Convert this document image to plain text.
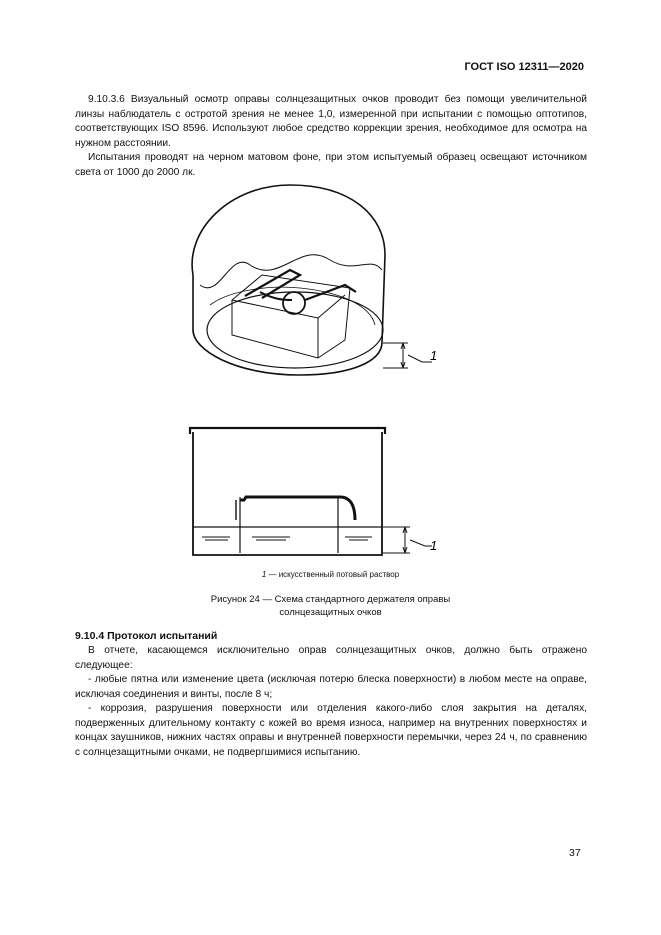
ГОСТ ISO 12311—2020

9.10.3.6 Визуальный осмотр оправы солнцезащитных очков проводит без помощи увеличительной линзы наблюдатель с остротой зрения не менее 1,0, измеренной при испытании с помощью оптотипов, соответствующих ISO 8596. Используют любое средство коррекции зрения, необходимое для осмотра на нужном расстоянии.

Испытания проводят на черном матовом фоне, при этом испытуемый образец освещают источником света от 1000 до 2000 лк.

1
1
1 — искусственный потовый раствор
Рисунок 24 — Схема стандартного держателя оправы
солнцезащитных очков
9.10.4 Протокол испытаний

В отчете, касающемся исключительно оправ солнцезащитных очков, должно быть отражено следующее:

- любые пятна или изменение цвета (исключая потерю блеска поверхности) в любом месте на оправе, исключая соединения и винты, после 8 ч;

- коррозия, разрушения поверхности или отделения какого-либо слоя закрытия на деталях, подверженных длительному контакту с кожей во время износа, например на внутренних поверхностях и концах заушников, нижних частях оправы и внутренней поверхности перемычки, через 24 ч, по сравнению с солнцезащитными очками, не подвергшимися испытанию.

37
